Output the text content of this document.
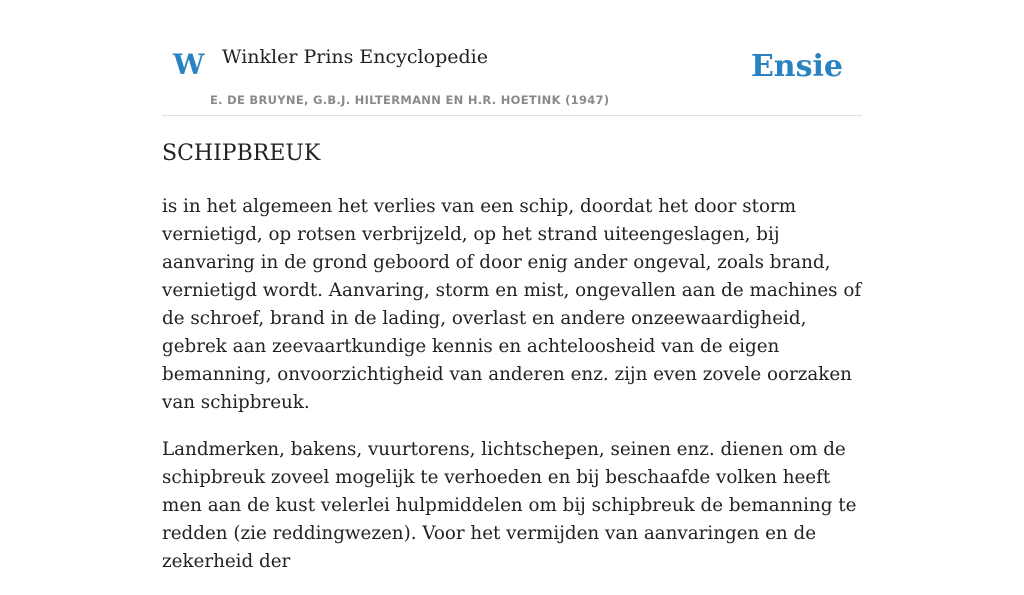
W Winkler Prins Encyclopedie
E. DE BRUYNE, G.B.J. HILTERMANN EN H.R. HOETINK (1947)
Ensie
SCHIPBREUK

is in het algemeen het verlies van een schip, doordat het door storm vernietigd, op rotsen verbrijzeld, op het strand uiteengeslagen, bij aanvaring in de grond geboord of door enig ander ongeval, zoals brand, vernietigd wordt. Aanvaring, storm en mist, ongevallen aan de machines of de schroef, brand in de lading, overlast en andere onzeewaardigheid, gebrek aan zeevaartkundige kennis en achteloosheid van de eigen bemanning, onvoorzichtigheid van anderen enz. zijn even zovele oorzaken van schipbreuk.

Landmerken, bakens, vuurtorens, lichtschepen, seinen enz. dienen om de schipbreuk zoveel mogelijk te verhoeden en bij beschaafde volken heeft men aan de kust velerlei hulpmiddelen om bij schipbreuk de bemanning te redden (zie reddingwezen). Voor het vermijden van aanvaringen en de zekerheid der
